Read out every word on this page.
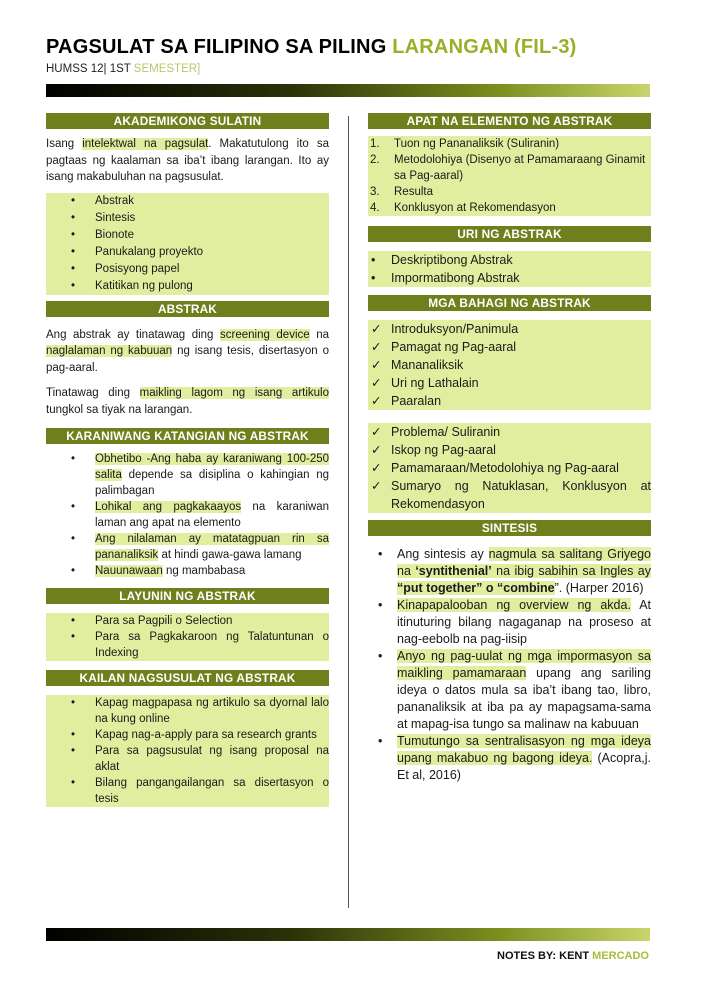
PAGSULAT SA FILIPINO SA PILING LARANGAN (FIL-3)
HUMSS 12| 1ST SEMESTER]
AKADEMIKONG SULATIN

Isang intelektwal na pagsulat. Makatutulong ito sa pagtaas ng kaalaman sa iba’t ibang larangan. Ito ay isang makabuluhan na pagsusulat.

• Abstrak
• Sintesis
• Bionote
• Panukalang proyekto
• Posisyong papel
• Katitikan ng pulong
ABSTRAK

Ang abstrak ay tinatawag ding screening device na naglalaman ng kabuuan ng isang tesis, disertasyon o pag-aaral.

Tinatawag ding maikling lagom ng isang artikulo tungkol sa tiyak na larangan.

KARANIWANG KATANGIAN NG ABSTRAK
• Obhetibo -Ang haba ay karaniwang 100-250 salita depende sa disiplina o kahingian ng palimbagan
• Lohikal ang pagkakaayos na karaniwan laman ang apat na elemento
• Ang nilalaman ay matatagpuan rin sa pananaliksik at hindi gawa-gawa lamang
• Nauunawaan ng mambabasa
LAYUNIN NG ABSTRAK
• Para sa Pagpili o Selection
• Para sa Pagkakaroon ng Talatuntunan o Indexing
KAILAN NAGSUSULAT NG ABSTRAK
• Kapag magpapasa ng artikulo sa dyornal lalo na kung online
• Kapag nag-a-apply para sa research grants
• Para sa pagsusulat ng isang proposal na aklat
• Bilang pangangailangan sa disertasyon o tesis
APAT NA ELEMENTO NG ABSTRAK
1. Tuon ng Pananaliksik (Suliranin)
2. Metodolohiya (Disenyo at Pamamaraang Ginamit sa Pag-aaral)
3. Resulta
4. Konklusyon at Rekomendasyon
URI NG ABSTRAK
• Deskriptibong Abstrak
• Impormatibong Abstrak
MGA BAHAGI NG ABSTRAK
✓ Introduksyon/Panimula
✓ Pamagat ng Pag-aaral
✓ Mananaliksik
✓ Uri ng Lathalain
✓ Paaralan
✓ Problema/ Suliranin
✓ Iskop ng Pag-aaral
✓ Pamamaraan/Metodolohiya ng Pag-aaral
✓ Sumaryo ng Natuklasan, Konklusyon at Rekomendasyon
SINTESIS
• Ang sintesis ay nagmula sa salitang Griyego na ‘syntithenial’ na ibig sabihin sa Ingles ay “put together” o “combine”. (Harper 2016)
• Kinapapalooban ng overview ng akda. At itinuturing bilang nagaganap na proseso at nag-eebolb na pag-iisip
• Anyo ng pag-uulat ng mga impormasyon sa maikling pamamaraan upang ang sariling ideya o datos mula sa iba’t ibang tao, libro, pananaliksik at iba pa ay mapagsama-sama at mapag-isa tungo sa malinaw na kabuuan
• Tumutungo sa sentralisasyon ng mga ideya upang makabuo ng bagong ideya. (Acopra,j. Et al, 2016)
NOTES BY: KENT MERCADO
